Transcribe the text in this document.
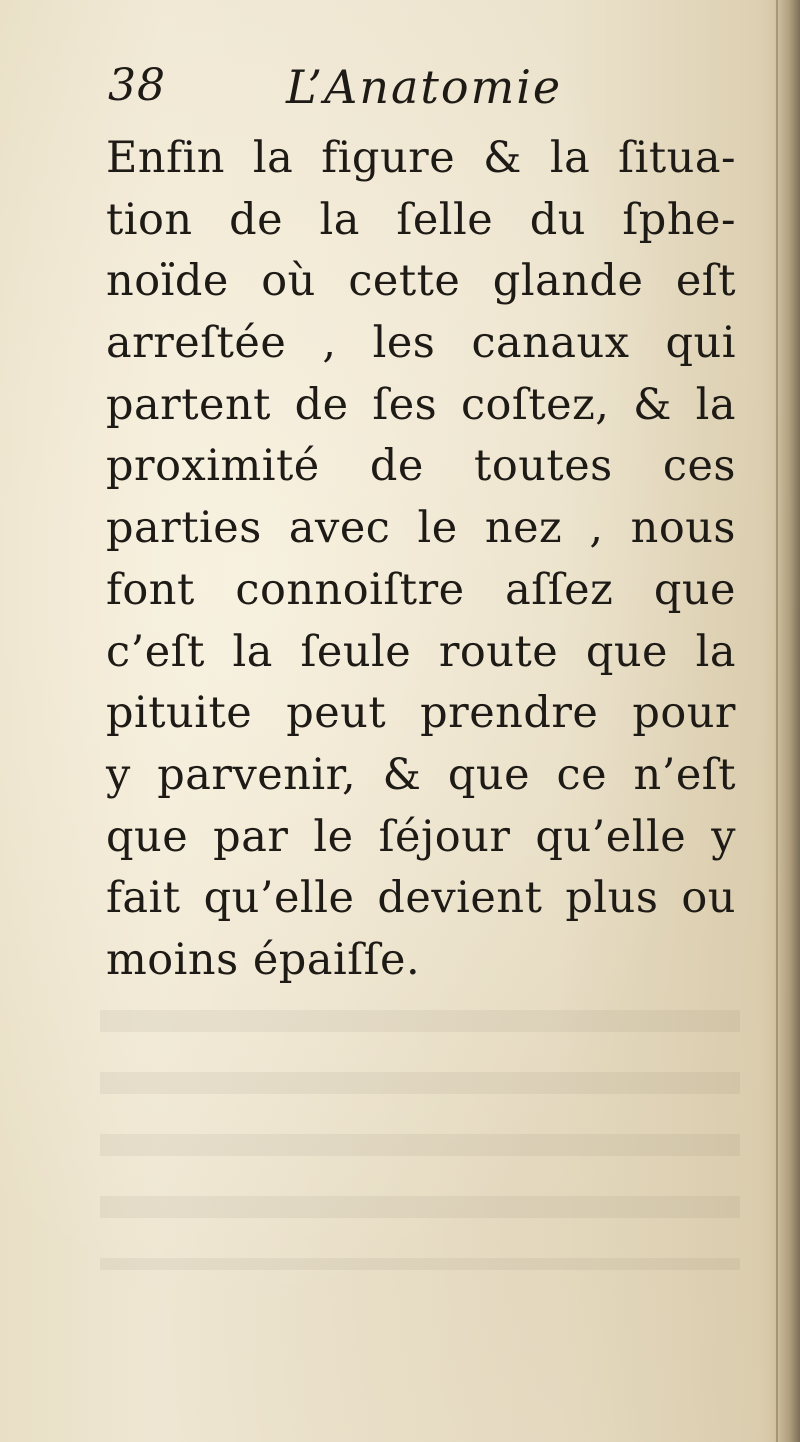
38	L’Anatomie
Enfin la figure & la ſitua-
tion de la ſelle du ſphe-
noïde où cette glande eſt
arreſtée , les canaux qui
partent de ſes coſtez, & la
proximité de toutes ces
parties avec le nez , nous
font connoiſtre aſſez que
c’eſt la ſeule route que la
pituite peut prendre pour
y parvenir, & que ce n’eſt
que par le ſéjour qu’elle y
fait qu’elle devient plus ou
moins épaiſſe.
